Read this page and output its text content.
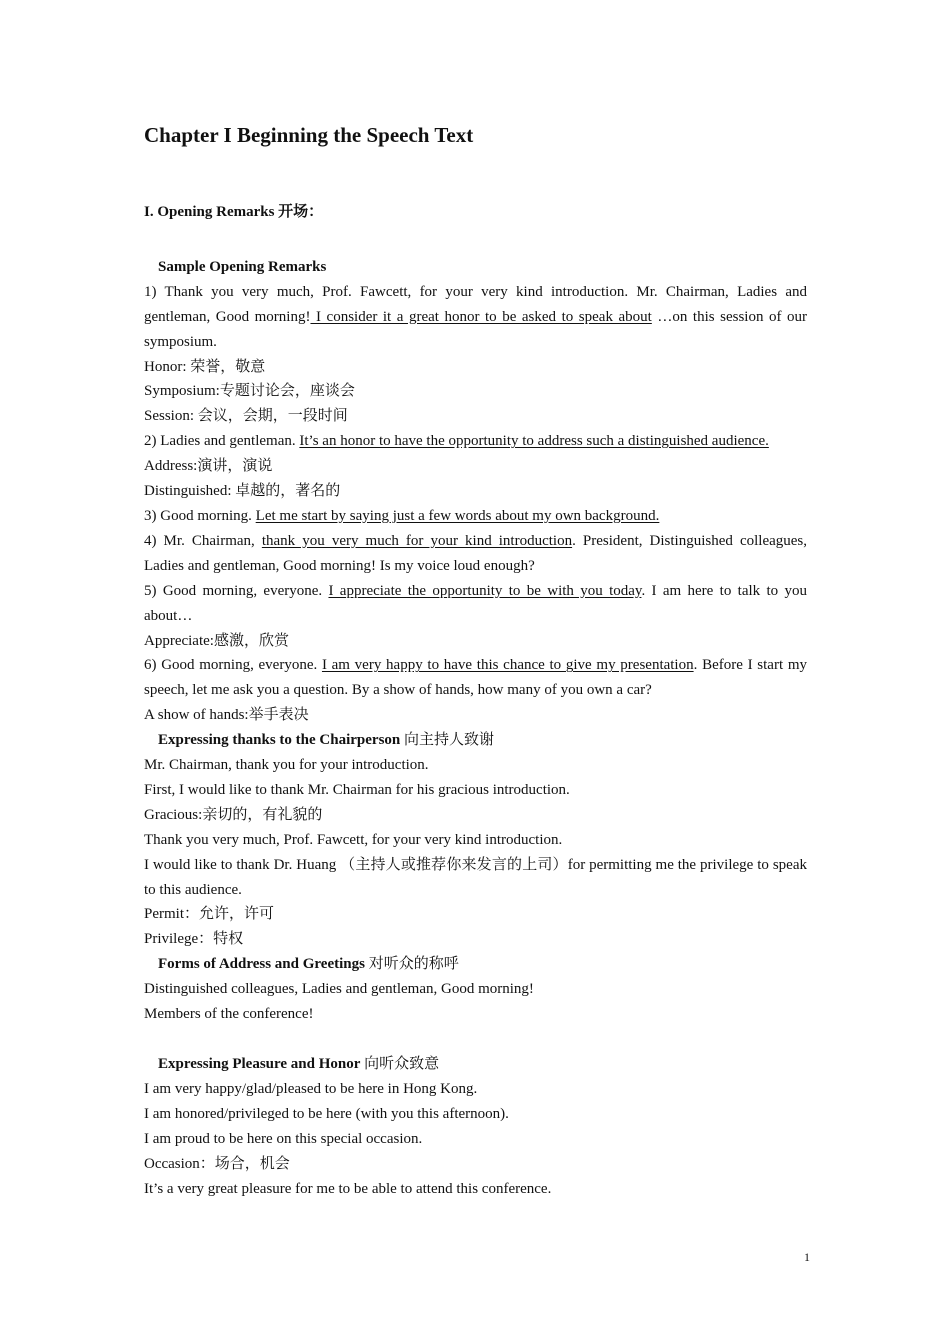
Chapter I Beginning the Speech Text
I. Opening Remarks 开场：
Sample Opening Remarks

1) Thank you very much, Prof. Fawcett, for your very kind introduction. Mr. Chairman, Ladies and gentleman, Good morning! I consider it a great honor to be asked to speak about …on this session of our symposium.

Honor: 荣誉，敬意

Symposium:专题讨论会，座谈会

Session: 会议，会期，一段时间

2) Ladies and gentleman. It’s an honor to have the opportunity to address such a distinguished audience.

Address:演讲，演说

Distinguished: 卓越的，著名的

3) Good morning. Let me start by saying just a few words about my own background.

4) Mr. Chairman, thank you very much for your kind introduction. President, Distinguished colleagues, Ladies and gentleman, Good morning! Is my voice loud enough?

5) Good morning, everyone. I appreciate the opportunity to be with you today. I am here to talk to you about…

Appreciate:感激，欣赏

6) Good morning, everyone. I am very happy to have this chance to give my presentation. Before I start my speech, let me ask you a question. By a show of hands, how many of you own a car?

A show of hands:举手表决

Expressing thanks to the Chairperson 向主持人致谢

Mr. Chairman, thank you for your introduction.

First, I would like to thank Mr. Chairman for his gracious introduction.

Gracious:亲切的，有礼貌的

Thank you very much, Prof. Fawcett, for your very kind introduction.

I would like to thank Dr. Huang （主持人或推荐你来发言的上司）for permitting me the privilege to speak to this audience.

Permit：允许，许可

Privilege：特权

Forms of Address and Greetings 对听众的称呼

Distinguished colleagues, Ladies and gentleman, Good morning!

Members of the conference!

Expressing Pleasure and Honor 向听众致意

I am very happy/glad/pleased to be here in Hong Kong.

I am honored/privileged to be here (with you this afternoon).

I am proud to be here on this special occasion.

Occasion：场合，机会

It’s a very great pleasure for me to be able to attend this conference.

1
